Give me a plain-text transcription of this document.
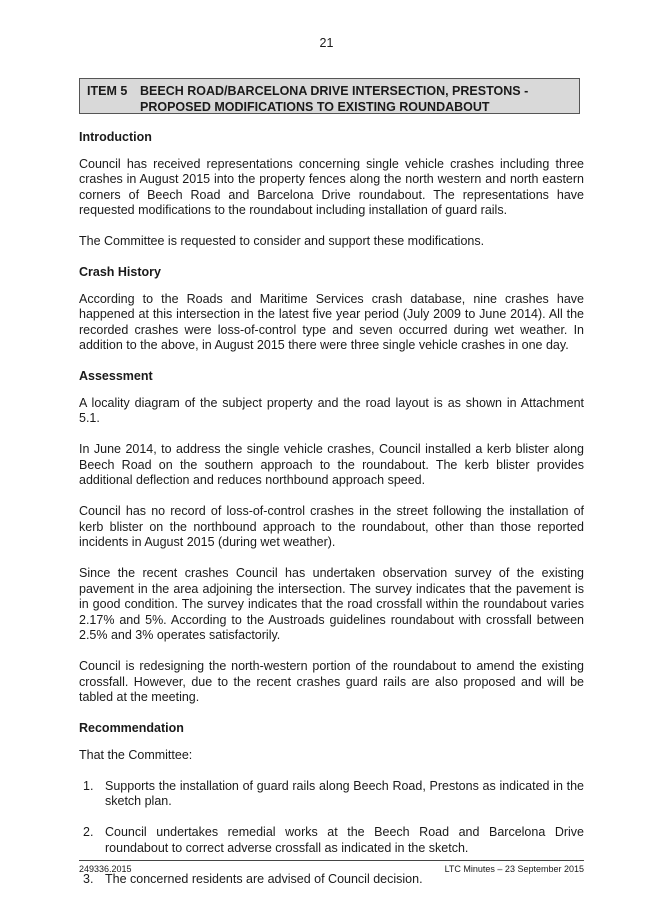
21
ITEM 5	BEECH ROAD/BARCELONA DRIVE INTERSECTION, PRESTONS - PROPOSED MODIFICATIONS TO EXISTING ROUNDABOUT
Introduction

Council has received representations concerning single vehicle crashes including three crashes in August 2015 into the property fences along the north western and north eastern corners of Beech Road and Barcelona Drive roundabout. The representations have requested modifications to the roundabout including installation of guard rails.

The Committee is requested to consider and support these modifications.

Crash History

According to the Roads and Maritime Services crash database, nine crashes have happened at this intersection in the latest five year period (July 2009 to June 2014). All the recorded crashes were loss-of-control type and seven occurred during wet weather. In addition to the above, in August 2015 there were three single vehicle crashes in one day.

Assessment

A locality diagram of the subject property and the road layout is as shown in Attachment 5.1.

In June 2014, to address the single vehicle crashes, Council installed a kerb blister along Beech Road on the southern approach to the roundabout. The kerb blister provides additional deflection and reduces northbound approach speed.

Council has no record of loss-of-control crashes in the street following the installation of kerb blister on the northbound approach to the roundabout, other than those reported incidents in August 2015 (during wet weather).

Since the recent crashes Council has undertaken observation survey of the existing pavement in the area adjoining the intersection. The survey indicates that the pavement is in good condition. The survey indicates that the road crossfall within the roundabout varies 2.17% and 5%. According to the Austroads guidelines roundabout with crossfall between 2.5% and 3% operates satisfactorily.

Council is redesigning the north-western portion of the roundabout to amend the existing crossfall. However, due to the recent crashes guard rails are also proposed and will be tabled at the meeting.

Recommendation

That the Committee:

1. Supports the installation of guard rails along Beech Road, Prestons as indicated in the sketch plan.
2. Council undertakes remedial works at the Beech Road and Barcelona Drive roundabout to correct adverse crossfall as indicated in the sketch.
3. The concerned residents are advised of Council decision.
249336.2015	LTC Minutes – 23 September 2015
